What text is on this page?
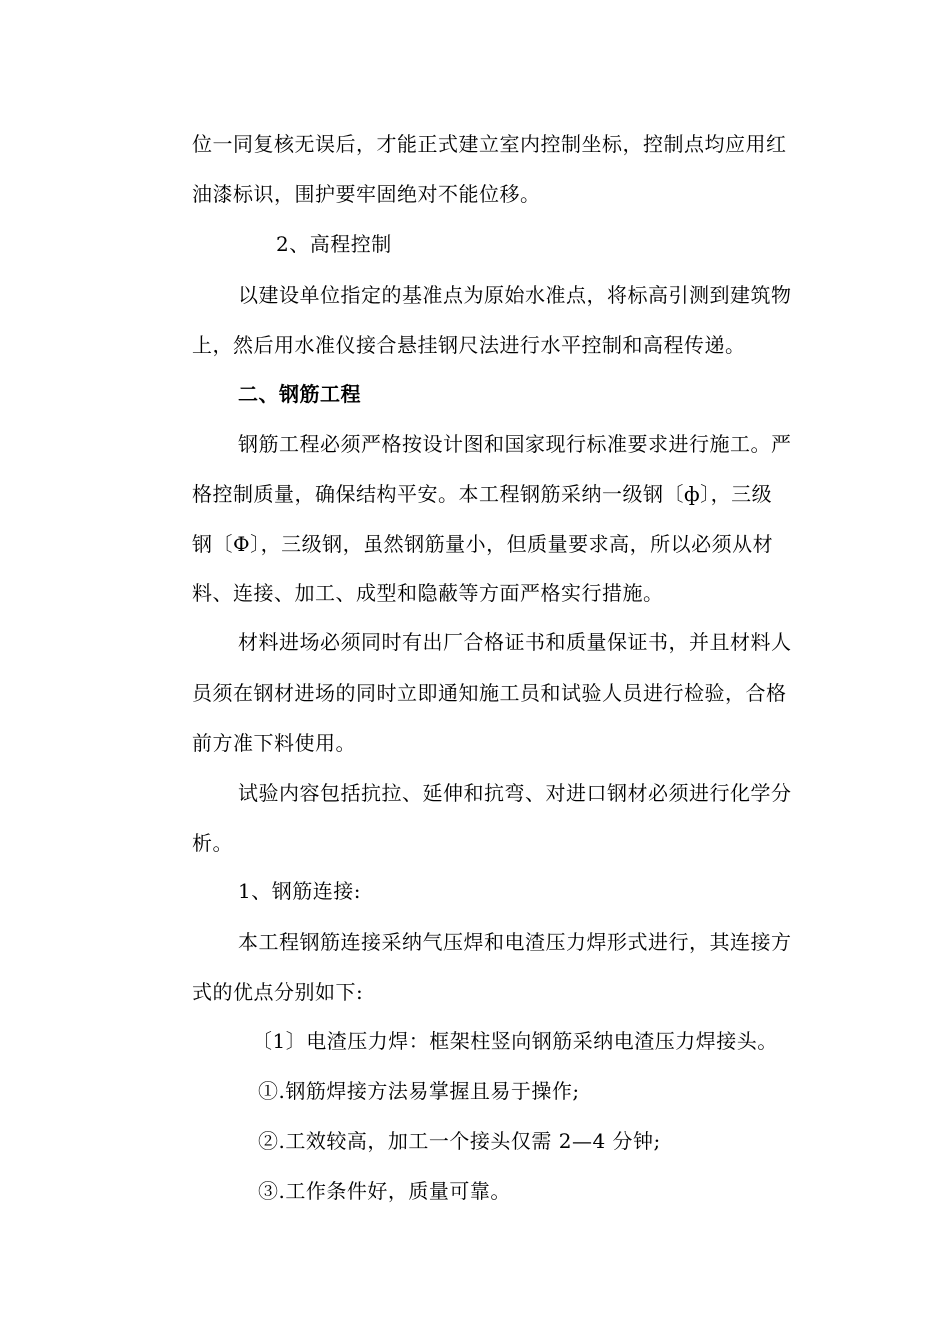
位一同复核无误后，才能正式建立室内控制坐标，控制点均应用红
油漆标识，围护要牢固绝对不能位移。
2、高程控制
以建设单位指定的基准点为原始水准点，将标高引测到建筑物
上，然后用水准仪接合悬挂钢尺法进行水平控制和高程传递。
二、钢筋工程
钢筋工程必须严格按设计图和国家现行标准要求进行施工。严
格控制质量，确保结构平安。本工程钢筋采纳一级钢〔ф〕，三级
钢〔Ф〕，三级钢，虽然钢筋量小，但质量要求高，所以必须从材
料、连接、加工、成型和隐蔽等方面严格实行措施。
材料进场必须同时有出厂合格证书和质量保证书，并且材料人
员须在钢材进场的同时立即通知施工员和试验人员进行检验，合格
前方准下料使用。
试验内容包括抗拉、延伸和抗弯、对进口钢材必须进行化学分
析。
1、钢筋连接:
本工程钢筋连接采纳气压焊和电渣压力焊形式进行，其连接方
式的优点分别如下:
〔1〕电渣压力焊：框架柱竖向钢筋采纳电渣压力焊接头。
①.钢筋焊接方法易掌握且易于操作;
②.工效较高，加工一个接头仅需 2—4 分钟;
③.工作条件好，质量可靠。
